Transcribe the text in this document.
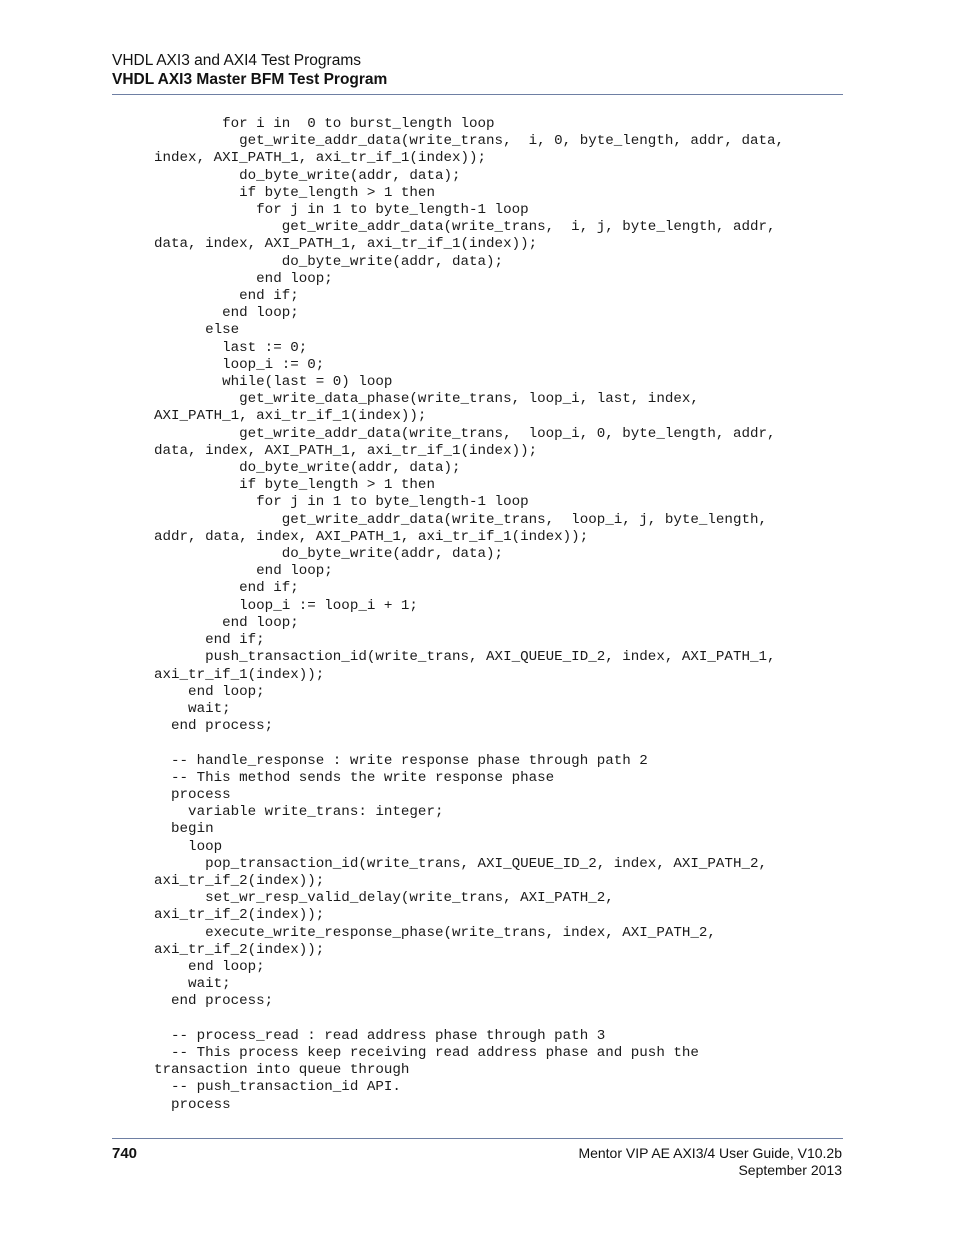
VHDL AXI3 and AXI4 Test Programs
VHDL AXI3 Master BFM Test Program
for i in  0 to burst_length loop
get_write_addr_data(write_trans,  i, 0, byte_length, addr, data,
index, AXI_PATH_1, axi_tr_if_1(index));
do_byte_write(addr, data);
if byte_length > 1 then
for j in 1 to byte_length-1 loop
get_write_addr_data(write_trans,  i, j, byte_length, addr,
data, index, AXI_PATH_1, axi_tr_if_1(index));
do_byte_write(addr, data);
end loop;
end if;
end loop;
else
last := 0;
loop_i := 0;
while(last = 0) loop
get_write_data_phase(write_trans, loop_i, last, index,
AXI_PATH_1, axi_tr_if_1(index));
get_write_addr_data(write_trans,  loop_i, 0, byte_length, addr,
data, index, AXI_PATH_1, axi_tr_if_1(index));
do_byte_write(addr, data);
if byte_length > 1 then
for j in 1 to byte_length-1 loop
get_write_addr_data(write_trans,  loop_i, j, byte_length,
addr, data, index, AXI_PATH_1, axi_tr_if_1(index));
do_byte_write(addr, data);
end loop;
end if;
loop_i := loop_i + 1;
end loop;
end if;
push_transaction_id(write_trans, AXI_QUEUE_ID_2, index, AXI_PATH_1,
axi_tr_if_1(index));
end loop;
wait;
end process;

-- handle_response : write response phase through path 2
-- This method sends the write response phase
process
variable write_trans: integer;
begin
loop
pop_transaction_id(write_trans, AXI_QUEUE_ID_2, index, AXI_PATH_2,
axi_tr_if_2(index));
set_wr_resp_valid_delay(write_trans, AXI_PATH_2,
axi_tr_if_2(index));
execute_write_response_phase(write_trans, index, AXI_PATH_2,
axi_tr_if_2(index));
end loop;
wait;
end process;

-- process_read : read address phase through path 3
-- This process keep receiving read address phase and push the
transaction into queue through
-- push_transaction_id API.
process
740	Mentor VIP AE AXI3/4 User Guide, V10.2b
September 2013
